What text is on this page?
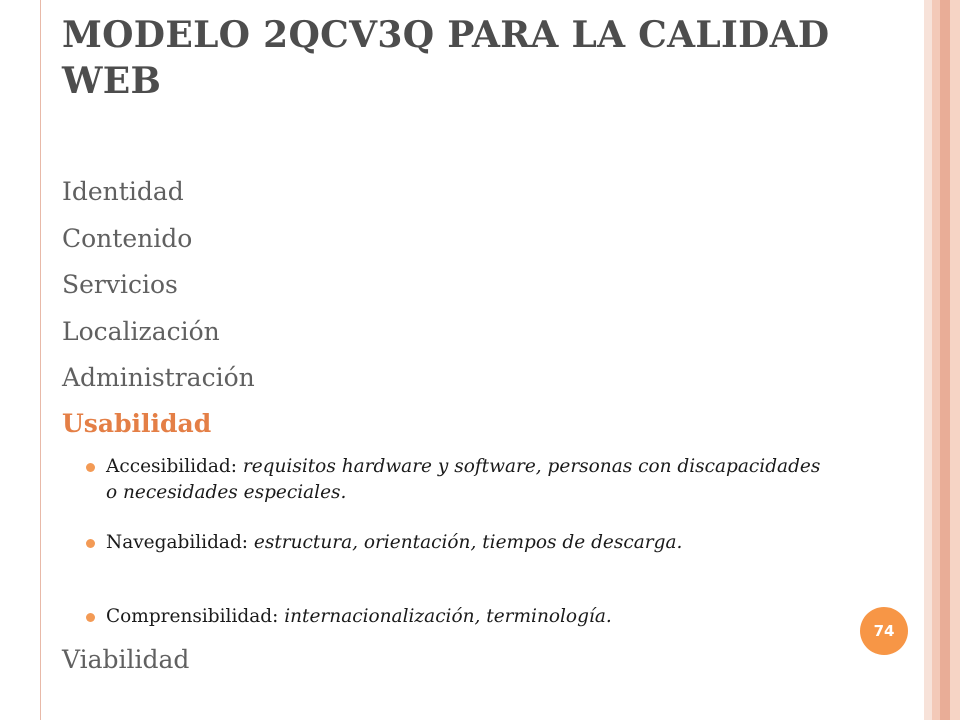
MODELO 2QCV3Q PARA LA CALIDAD WEB
Identidad
Contenido
Servicios
Localización
Administración
Usabilidad
Accesibilidad: requisitos hardware y software, personas con discapacidades o necesidades especiales.
Navegabilidad: estructura, orientación, tiempos de descarga.
Comprensibilidad: internacionalización, terminología.
Viabilidad
74
